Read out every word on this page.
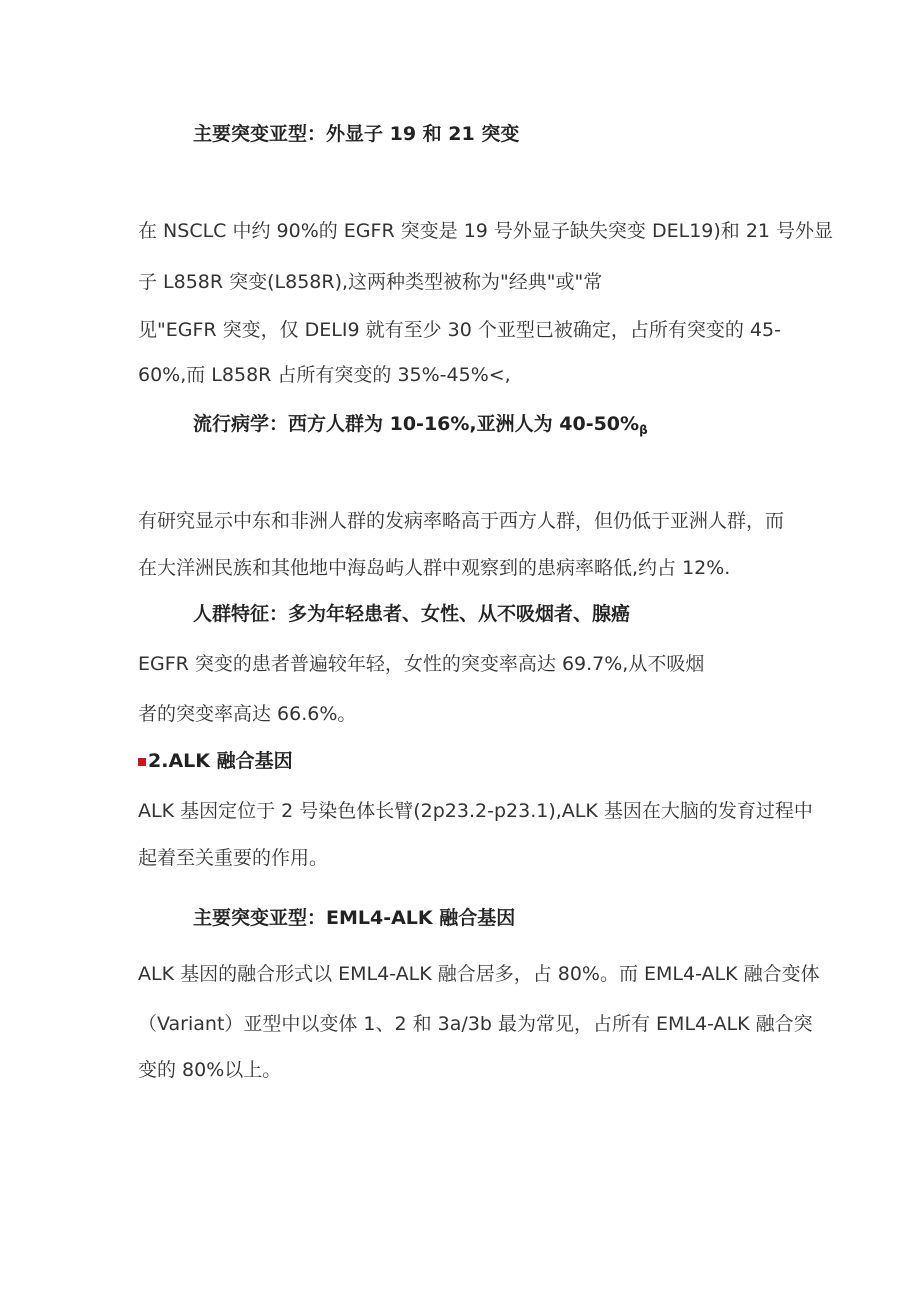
主要突变亚型：外显子 19 和 21 突变
在 NSCLC 中约 90%的 EGFR 突变是 19 号外显子缺失突变 DEL19)和 21 号外显
子 L858R 突变(L858R),这两种类型被称为"经典"或"常
见"EGFR 突变，仅 DELI9 就有至少 30 个亚型已被确定，占所有突变的 45-
60%,而 L858R 占所有突变的 35%-45%<,
流行病学：西方人群为 10-16%,亚洲人为 $40-50\%_\beta$
有研究显示中东和非洲人群的发病率略高于西方人群，但仍低于亚洲人群，而
在大洋洲民族和其他地中海岛屿人群中观察到的患病率略低,约占 12%.
人群特征：多为年轻患者、女性、从不吸烟者、腺癌
EGFR 突变的患者普遍较年轻，女性的突变率高达 69.7%,从不吸烟
者的突变率高达 66.6%。
2.ALK 融合基因
ALK 基因定位于 2 号染色体长臂(2p23.2-p23.1),ALK 基因在大脑的发育过程中
起着至关重要的作用。
主要突变亚型：EML4-ALK 融合基因
ALK 基因的融合形式以 EML4-ALK 融合居多，占 80%。而 EML4-ALK 融合变体
（Variant）亚型中以变体 1、2 和 3a/3b 最为常见，占所有 EML4-ALK 融合突
变的 80%以上。
